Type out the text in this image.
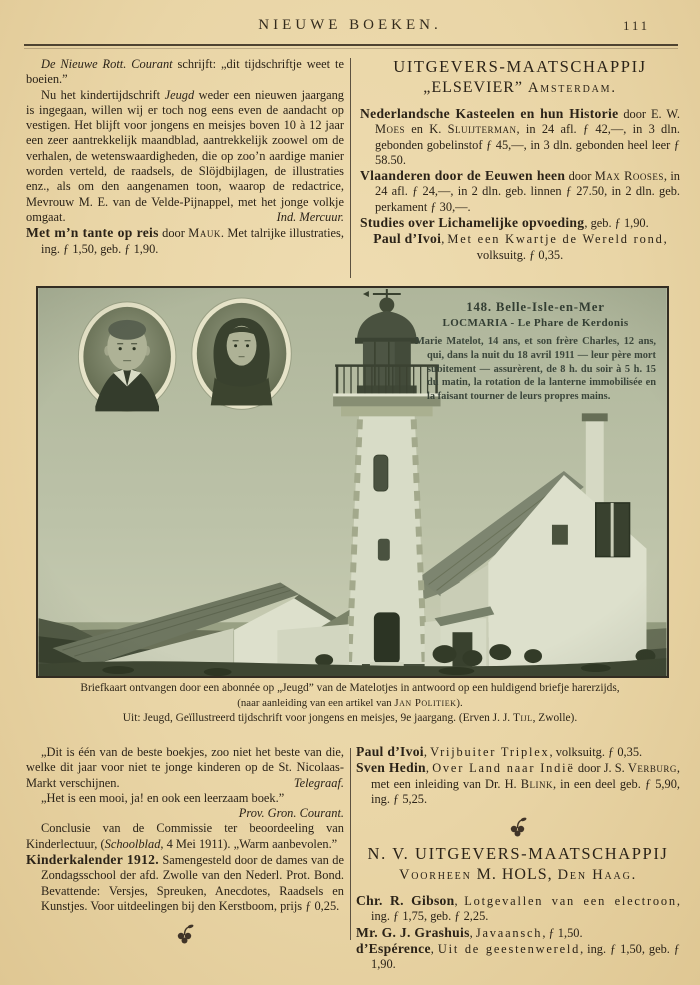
NIEUWE BOEKEN.	111

De Nieuwe Rott. Courant schrijft: „dit tijdschriftje weet te boeien.”

Nu het kindertijdschrift Jeugd weder een nieuwen jaargang is ingegaan, willen wij er toch nog eens even de aandacht op vestigen. Het blijft voor jongens en meisjes boven 10 à 12 jaar een zeer aantrekkelijk maandblad, aantrekkelijk zoowel om de verhalen, de wetenswaardigheden, die op zoo’n aardige manier worden verteld, de raadsels, de Slöjdbijlagen, de illustraties enz., als om den aangenamen toon, waarop de redactrice, Mevrouw M. E. van de Velde-Pijnappel, met het jonge volkje omgaat.	Ind. Mercuur.

Met m’n tante op reis door Mauk. Met talrijke illustraties, ing. ƒ 1,50, geb. ƒ 1,90.

UITGEVERS-MAATSCHAPPIJ
„ELSEVIER” Amsterdam.

Nederlandsche Kasteelen en hun Historie door E. W. Moes en K. Sluijterman, in 24 afl. ƒ 42,—, in 3 dln. gebonden gobelinstof ƒ 45,—, in 3 dln. gebonden heel leer ƒ 58.50.

Vlaanderen door de Eeuwen heen door Max Rooses, in 24 afl. ƒ 24,—, in 2 dln. geb. linnen ƒ 27.50, in 2 dln. geb. perkament ƒ 30,—.

Studies over Lichamelijke opvoeding, geb. ƒ 1,90.

Paul d’Ivoi, Met een Kwartje de Wereld rond, volksuitg. ƒ 0,35.

148. Belle-Isle-en-Mer
LOCMARIA - Le Phare de Kerdonis
Marie Matelot, 14 ans, et son frère Charles, 12 ans, qui, dans la nuit du 18 avril 1911 — leur père mort subitement — assurèrent, de 8 h. du soir à 5 h. 15 du matin, la rotation de la lanterne immobilisée en la faisant tourner de leurs propres mains.
Briefkaart ontvangen door een abonnée op „Jeugd” van de Matelotjes in antwoord op een huldigend briefje harerzijds,
(naar aanleiding van een artikel van Jan Politiek).
Uit: Jeugd, Geïllustreerd tijdschrift voor jongens en meisjes, 9e jaargang. (Erven J. J. Tijl, Zwolle).

„Dit is één van de beste boekjes, zoo niet het beste van die, welke dit jaar voor niet te jonge kinderen op de St. Nicolaas-Markt verschijnen.	Telegraaf.

„Het is een mooi, ja! en ook een leerzaam boek.”

Prov. Gron. Courant.

Conclusie van de Commissie ter beoordeeling van Kinderlectuur, (Schoolblad, 4 Mei 1911). „Warm aanbevolen.”

Kinderkalender 1912. Samengesteld door de dames van de Zondagsschool der afd. Zwolle van den Nederl. Prot. Bond. Bevattende: Versjes, Spreuken, Anecdotes, Raadsels en Kunstjes. Voor uitdeelingen bij den Kerstboom, prijs ƒ 0,25.

Paul d’Ivoi, Vrijbuiter Triplex, volksuitg. ƒ 0,35.

Sven Hedin, Over Land naar Indië door J. S. Verburg, met een inleiding van Dr. H. Blink, in een deel geb. ƒ 5,90, ing. ƒ 5,25.

N. V. UITGEVERS-MAATSCHAPPIJ
Voorheen M. HOLS, Den Haag.

Chr. R. Gibson, Lotgevallen van een electroon, ing. ƒ 1,75, geb. ƒ 2,25.

Mr. G. J. Grashuis, Javaansch, ƒ 1,50.

d’Espérence, Uit de geestenwereld, ing. ƒ 1,50, geb. ƒ 1,90.
